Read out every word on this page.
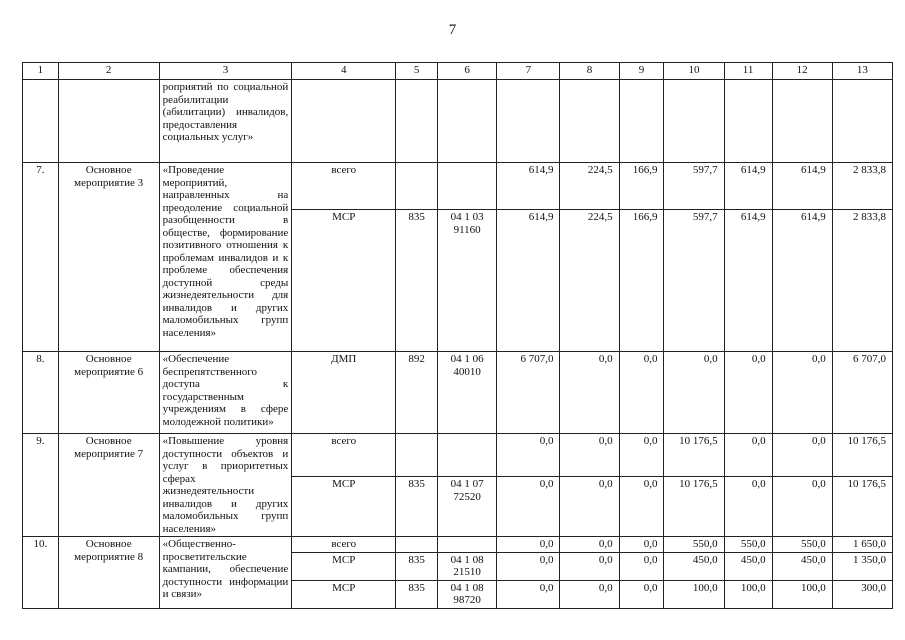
7
1	2	3	4	5	6	7	8	9	10	11	12	13
		роприятий по социальной реабилитации (абилитации) инвалидов, предоставления социальных услуг»										
7.	Основное мероприятие 3	«Проведение мероприятий, направленных на преодоление социальной разобщенности в обществе, формирование позитивного отношения к проблемам инвалидов и к проблеме обеспечения доступной среды жизнедеятельности для инвалидов и других маломобильных групп населения»	всего			614,9	224,5	166,9	597,7	614,9	614,9	2 833,8
			МСР	835	04 1 03 91160	614,9	224,5	166,9	597,7	614,9	614,9	2 833,8
8.	Основное мероприятие 6	«Обеспечение беспрепятственного доступа к государственным учреждениям в сфере молодежной политики»	ДМП	892	04 1 06 40010	6 707,0	0,0	0,0	0,0	0,0	0,0	6 707,0
9.	Основное мероприятие 7	«Повышение уровня доступности объектов и услуг в приоритетных сферах жизнедеятельности инвалидов и других маломобильных групп населения»	всего			0,0	0,0	0,0	10 176,5	0,0	0,0	10 176,5
			МСР	835	04 1 07 72520	0,0	0,0	0,0	10 176,5	0,0	0,0	10 176,5
10.	Основное мероприятие 8	«Общественно-просветительские кампании, обеспечение доступности информации и связи»	всего			0,0	0,0	0,0	550,0	550,0	550,0	1 650,0
			МСР	835	04 1 08 21510	0,0	0,0	0,0	450,0	450,0	450,0	1 350,0
			МСР	835	04 1 08 98720	0,0	0,0	0,0	100,0	100,0	100,0	300,0
